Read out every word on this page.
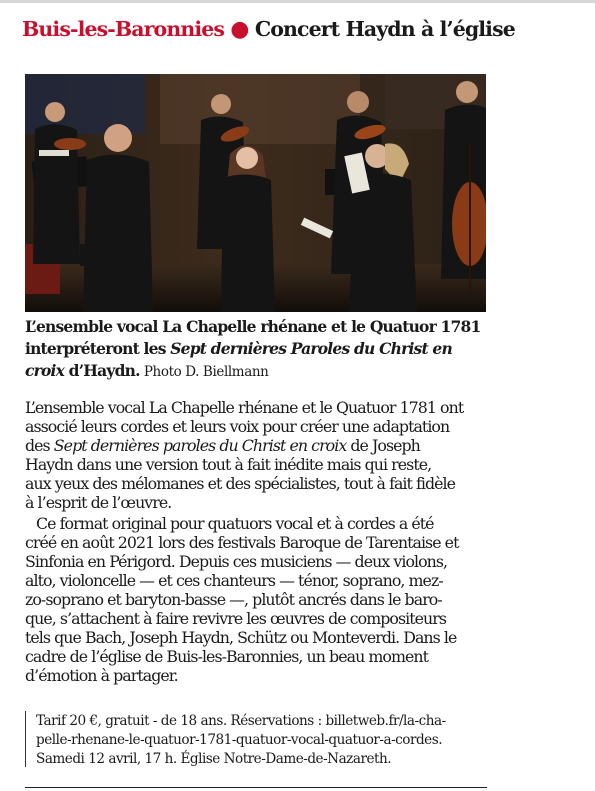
Buis-les-Baronnies ● Concert Haydn à l’église

L’ensemble vocal La Chapelle rhénane et le Quatuor 1781 interpréteront les Sept dernières Paroles du Christ en croix d’Haydn. Photo D. Biellmann

L’ensemble vocal La Chapelle rhénane et le Quatuor 1781 ont

associé leurs cordes et leurs voix pour créer une adaptation

des Sept dernières paroles du Christ en croix de Joseph

Haydn dans une version tout à fait inédite mais qui reste,

aux yeux des mélomanes et des spécialistes, tout à fait fidèle

à l’esprit de l’œuvre.

Ce format original pour quatuors vocal et à cordes a été

créé en août 2021 lors des festivals Baroque de Tarentaise et

Sinfonia en Périgord. Depuis ces musiciens — deux violons,

alto, violoncelle — et ces chanteurs — ténor, soprano, mez-

zo-soprano et baryton-basse —, plutôt ancrés dans le baro-

que, s’attachent à faire revivre les œuvres de compositeurs

tels que Bach, Joseph Haydn, Schütz ou Monteverdi. Dans le

cadre de l’église de Buis-les-Baronnies, un beau moment

d’émotion à partager.

Tarif 20 €, gratuit - de 18 ans. Réservations : billetweb.fr/la-cha-

pelle-rhenane-le-quatuor-1781-quatuor-vocal-quatuor-a-cordes.

Samedi 12 avril, 17 h. Église Notre-Dame-de-Nazareth.
